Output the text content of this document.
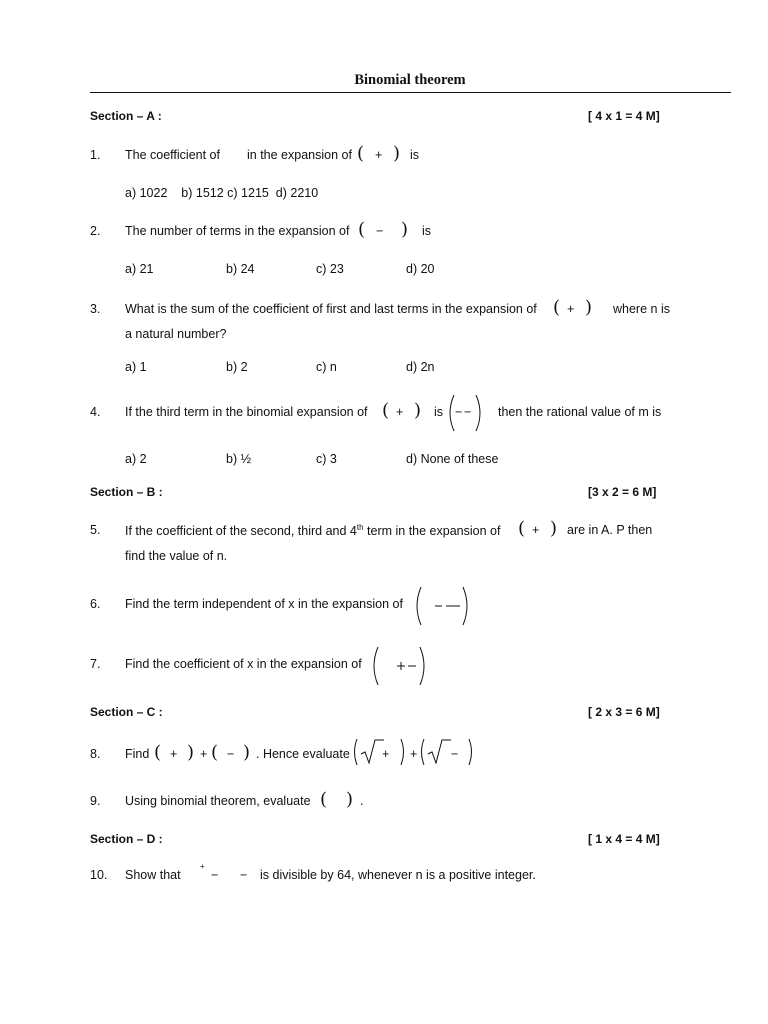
Binomial theorem
Section – A :	[ 4 x 1 = 4 M]
1. The coefficient of in the expansion of ( + ) is
a) 1022    b) 1512 c) 1215  d) 2210
2. The number of terms in the expansion of ( − ) is
a) 21	b) 24	c) 23	d) 20
3. What is the sum of the coefficient of first and last terms in the expansion of ( + ) where n is
a natural number?
a) 1	b) 2	c) n	d) 2n
4. If the third term in the binomial expansion of ( + ) is − − then the rational value of m is
a) 2	b) ½	c) 3	d) None of these
Section – B :	[3 x 2 = 6 M]
5. If the coefficient of the second, third and 4th term in the expansion of ( + ) are in A. P then
find the value of n.
6. Find the term independent of x in the expansion of
7. Find the coefficient of x in the expansion of
Section – C :	[ 2 x 3 = 6 M]
8. Find ( + ) + ( − ) . Hence evaluate	+ +	−
9. Using binomial theorem, evaluate ( ) .
Section – D :	[ 1 x 4 = 4 M]
10. Show that
+
− − is divisible by 64, whenever n is a positive integer.
